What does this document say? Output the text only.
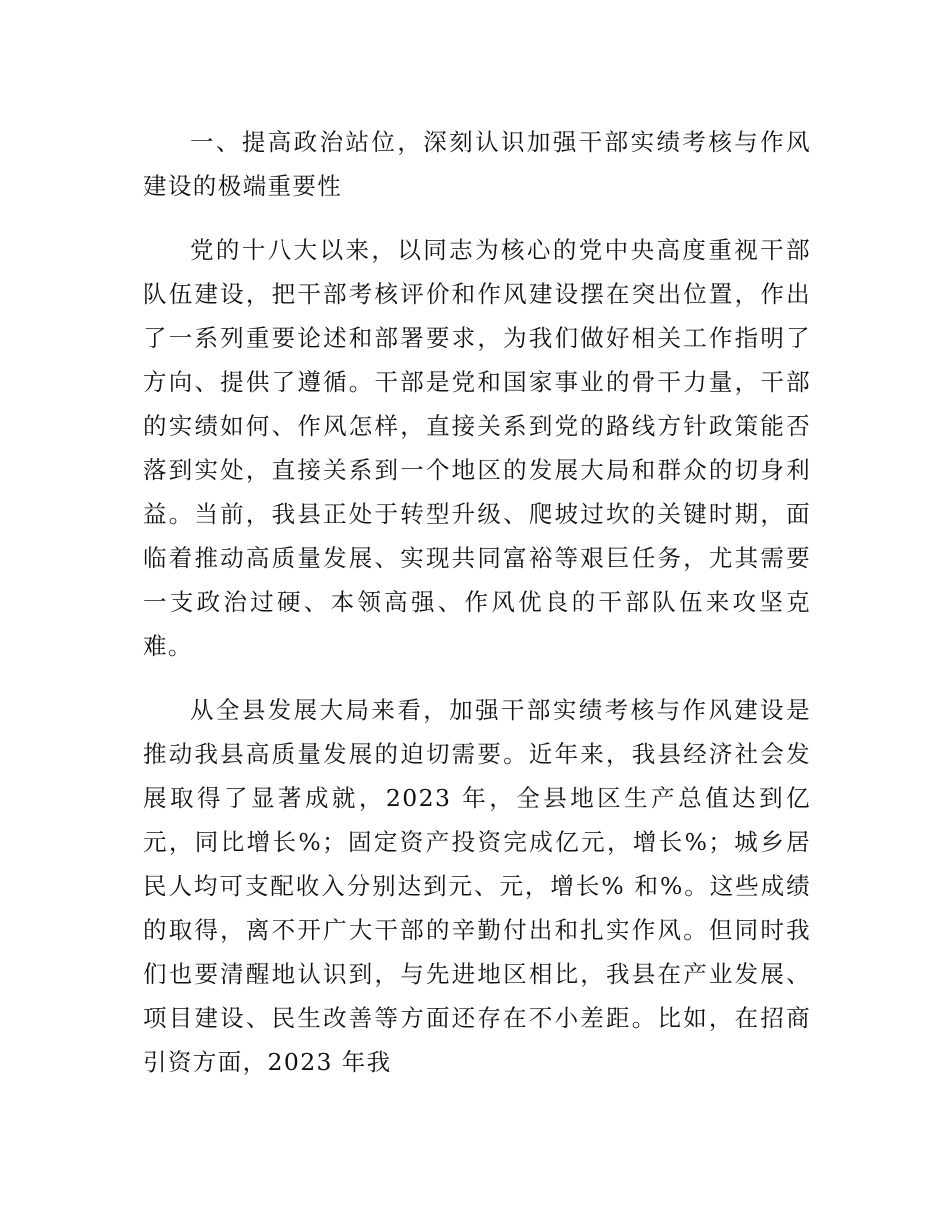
一、提高政治站位，深刻认识加强干部实绩考核与作风建设的极端重要性

党的十八大以来，以同志为核心的党中央高度重视干部队伍建设，把干部考核评价和作风建设摆在突出位置，作出了一系列重要论述和部署要求，为我们做好相关工作指明了方向、提供了遵循。干部是党和国家事业的骨干力量，干部的实绩如何、作风怎样，直接关系到党的路线方针政策能否落到实处，直接关系到一个地区的发展大局和群众的切身利益。当前，我县正处于转型升级、爬坡过坎的关键时期，面临着推动高质量发展、实现共同富裕等艰巨任务，尤其需要一支政治过硬、本领高强、作风优良的干部队伍来攻坚克难。

从全县发展大局来看，加强干部实绩考核与作风建设是推动我县高质量发展的迫切需要。近年来，我县经济社会发展取得了显著成就，2023 年，全县地区生产总值达到亿元，同比增长%；固定资产投资完成亿元，增长%；城乡居民人均可支配收入分别达到元、元，增长% 和%。这些成绩的取得，离不开广大干部的辛勤付出和扎实作风。但同时我们也要清醒地认识到，与先进地区相比，我县在产业发展、项目建设、民生改善等方面还存在不小差距。比如，在招商引资方面，2023 年我
